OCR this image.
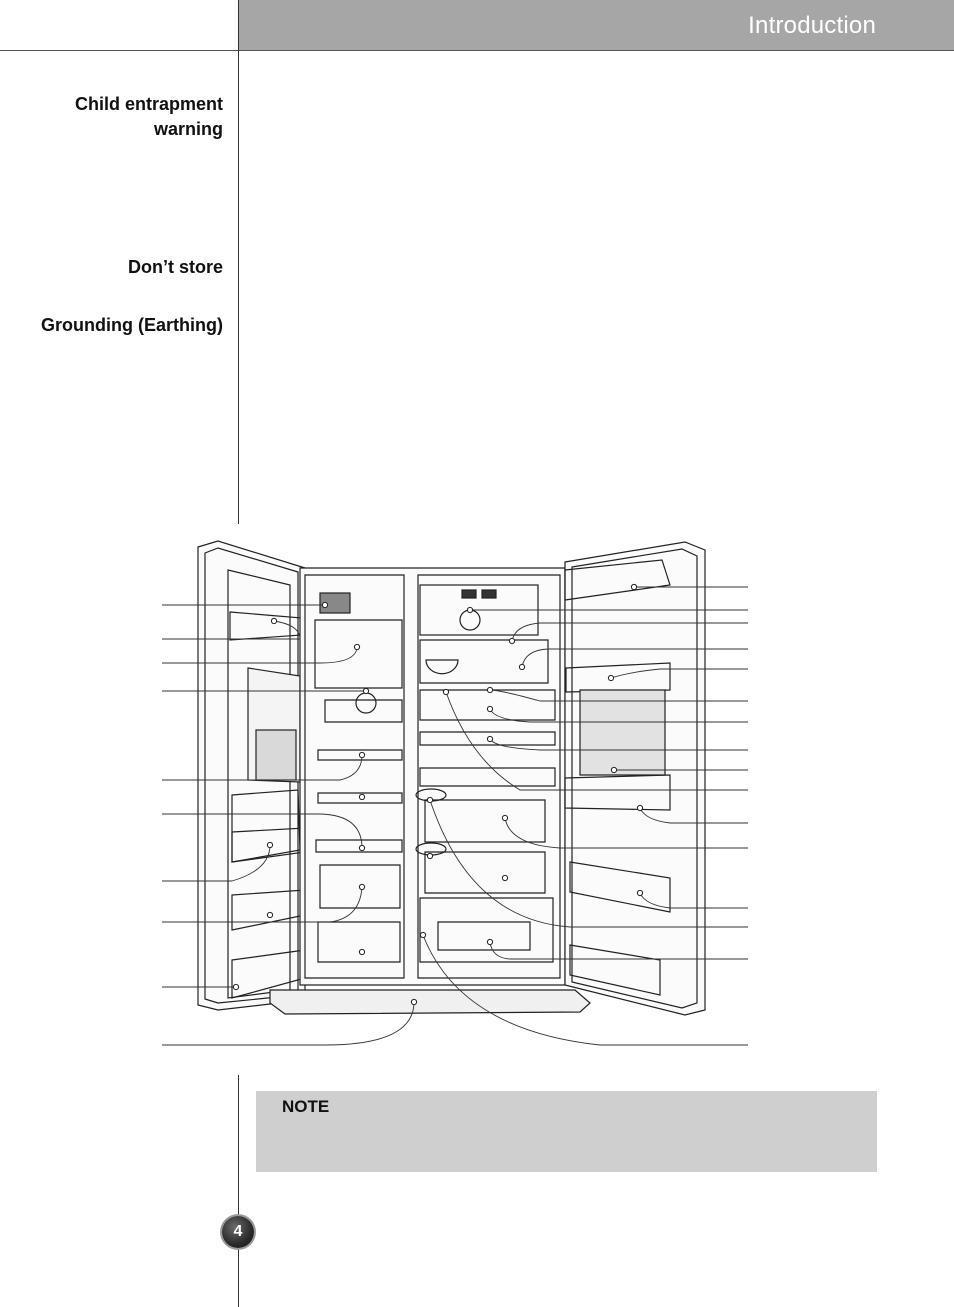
Introduction
Child entrapment
warning
Don’t store
Grounding (Earthing)
NOTE
4
